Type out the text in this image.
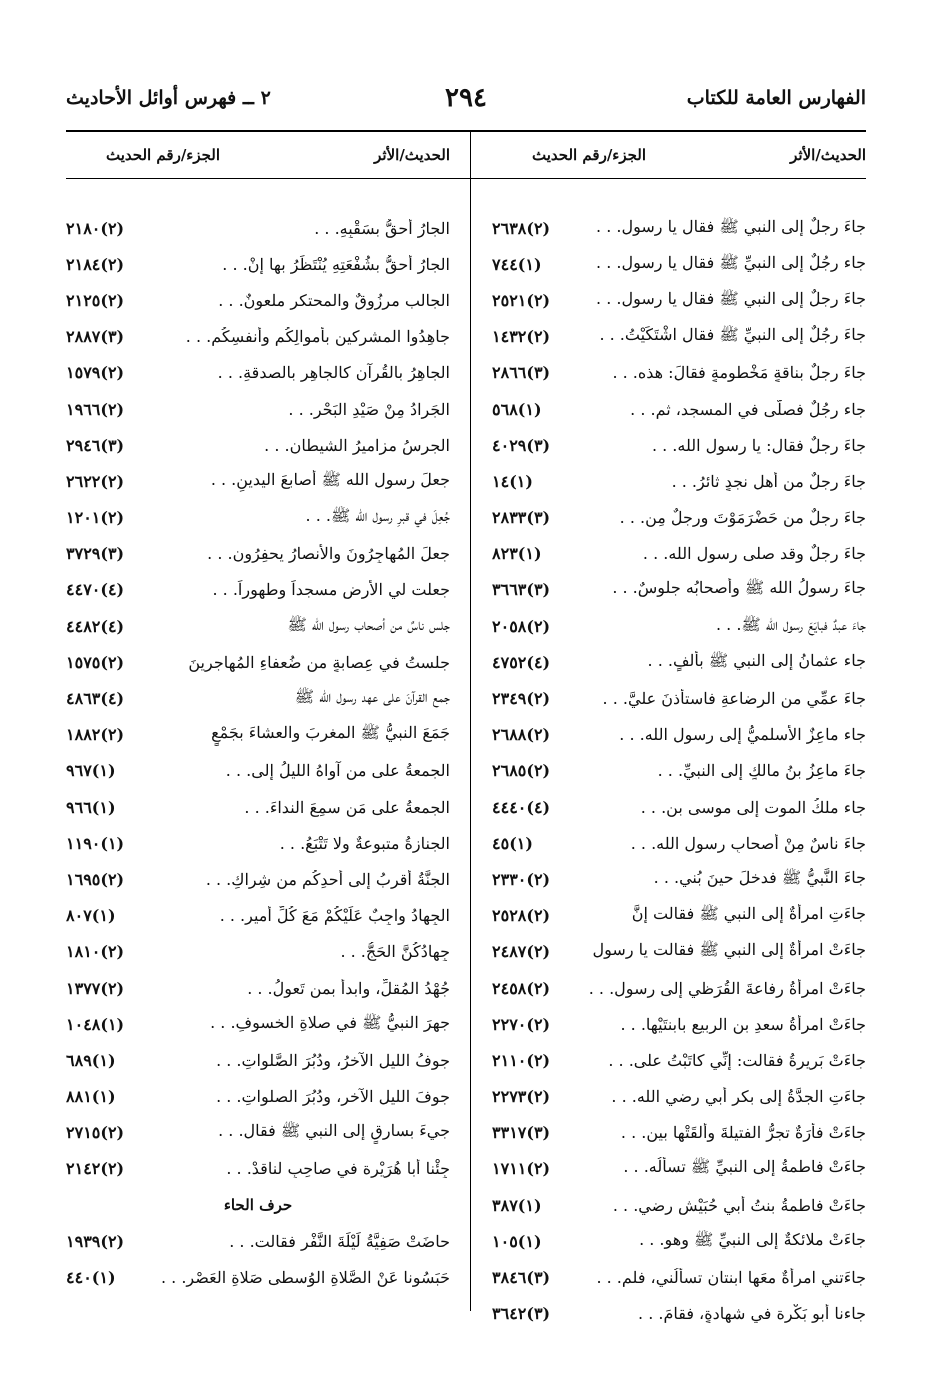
الفهارس العامة للكتاب
٢٩٤
٢ ــ فهرس أوائل الأحاديث
الحديث/الأثر
الجزء/رقم الحديث
الحديث/الأثر
الجزء/رقم الحديث
جاءَ رجلٌ إلى النبي ﷺ فقال يا رسول. . .
(٢)٢٦٣٨
جاء رجُلٌ إلى النبيِّ ﷺ فقال يا رسول. . .
(١)٧٤٤
جاءَ رجلٌ إلى النبي ﷺ فقال يا رسول. . .
(٢)٢٥٢١
جاءَ رجُلٌ إلى النبيِّ ﷺ فقال اشْتَكَيْتُ. . .
(٢)١٤٣٢
جاءَ رجلٌ بناقةٍ مَخْطومةٍ فقالَ: هذه. . .
(٣)٢٨٦٦
جاء رجُلٌ فصلَّى في المسجد، ثم. . .
(١)٥٦٨
جاءَ رجلٌ فقال: يا رسول الله. . .
(٣)٤٠٢٩
جاءَ رجلٌ من أهل نجدٍ ثائرُ. . .
(١)١٤
جاءَ رجلٌ من حَضْرَمَوْتَ ورجلٌ مِن. . .
(٣)٢٨٣٣
جاءَ رجلٌ وقد صلى رسول الله. . .
(١)٨٢٣
جاءَ رسولُ الله ﷺ وأصحابُه جلوسٌ. . .
(٣)٣٦٦٣
جاءَ عبدٌ فبايَعَ رسول الله ﷺ. . .
(٢)٢٠٥٨
جاء عثمانُ إلى النبي ﷺ بألفٍ. . .
(٤)٤٧٥٢
جاءَ عمِّي من الرضاعةِ فاستأذنَ عليَّ. . .
(٢)٢٣٤٩
جاء ماعِزٌ الأسلميُّ إلى رسول الله. . .
(٢)٢٦٨٨
جاءَ ماعِزُ بنُ مالكٍ إلى النبيِّ. . .
(٢)٢٦٨٥
جاء ملكُ الموت إلى موسى بن. . .
(٤)٤٤٤٠
جاءَ ناسٌ مِنْ أصحابِ رسولِ الله. . .
(١)٤٥
جاءَ النَّبيُّ ﷺ فدخلَ حينَ بُني. . .
(٢)٢٣٣٠
جاءَتِ امرأةٌ إلى النبي ﷺ فقالت إنَّ
(٢)٢٥٢٨
جاءَتْ امرأةٌ إلى النبي ﷺ فقالت يا رسول
(٢)٢٤٨٧
جاءَتْ امرأةُ رِفاعةَ القُرَظي إلى رسول. . .
(٢)٢٤٥٨
جاءَتْ امرأةُ سعدِ بن الربيع بابنتَيْها. . .
(٢)٢٢٧٠
جاءَتْ بَرِيرةُ فقالت: إنِّي كاتَبْتُ على. . .
(٢)٢١١٠
جاءَتِ الجدَّةُ إلى بكر أبي رضي الله. . .
(٢)٢٢٧٣
جاءَتْ فأرَةٌ تجرُّ الفتيلةَ وألقَتْها بين. . .
(٣)٣٣١٧
جاءَتْ فاطمةُ إلى النبيِّ ﷺ تسألُه. . .
(٢)١٧١١
جاءَتْ فاطمةُ بنتُ أبي حُبَيْش رضي. . .
(١)٣٨٧
جاءَتْ ملائكةٌ إلى النبيِّ ﷺ وهو. . .
(١)١٠٥
جاءَتني امرأةٌ معَها ابنتانِ تسألُني، فلم. . .
(٣)٣٨٤٦
جاءنا أبو بَكْرة في شهادةٍ، فقامَ. . .
(٣)٣٦٤٢
الجارُ أحقُّ بسَقْبِهِ. . .
(٢)٢١٨٠
الجارُ أحقُّ بشُفْعَتِهِ يُنْتَظَرُ بها إنْ. . .
(٢)٢١٨٤
الجالب مرزُوقٌ والمحتكر ملعونٌ. . .
(٢)٢١٢٥
جاهِدُوا المشركين بأموالِكُم وأنفسِكُم. . .
(٣)٢٨٨٧
الجاهِرُ بالقُرآنِ كالجاهِرِ بالصدقةِ. . .
(٢)١٥٧٩
الجَرادُ مِنْ صَيْدِ البَحْرِ. . .
(٢)١٩٦٦
الجرسُ مزاميرُ الشيطانِ. . .
(٣)٢٩٤٦
جعلَ رسول الله ﷺ أصابعَ اليدينِ. . .
(٢)٢٦٢٢
جُعِلَ في قبرِ رسول الله ﷺ. . .
(٢)١٢٠١
جعلَ المُهاجِرُونَ والأنصارُ يحفِرُون. . .
(٣)٣٧٢٩
جعلت لي الأرض مسجداً وطهوراً. . .
(٤)٤٤٧٠
جلس ناسٌ من أصحاب رسول الله ﷺ
(٤)٤٤٨٢
جلستُ في عِصابةٍ من ضُعفاءِ المُهاجرينَ
(٢)١٥٧٥
جمع القرآنَ على عهد رسول الله ﷺ
(٤)٤٨٦٣
جَمَعَ النبيُّ ﷺ المغربَ والعشاءَ بجَمْعٍ
(٢)١٨٨٢
الجمعةُ على من آواهُ الليلُ إلى. . .
(١)٩٦٧
الجمعةُ على مَن سمِعَ النداءَ. . .
(١)٩٦٦
الجنازةُ متبوعةٌ ولا تَتْبَعُ. . .
(١)١١٩٠
الجنَّةُ أقربُ إلى أحدِكُم من شِراكِ. . .
(٢)١٦٩٥
الجِهادُ واجِبٌ عَلَيْكُمْ مَعَ كُلِّ أميرٍ. . .
(١)٨٠٧
جِهادُكُنَّ الحَجُّ. . .
(٢)١٨١٠
جُهْدُ المُقلِّ، وابدأ بمن تَعولُ. . .
(٢)١٣٧٧
جهرَ النبيُّ ﷺ في صلاةِ الخسوفِ. . .
(١)١٠٤٨
جوفُ الليلِ الآخرُ، ودُبُرَ الصَّلواتِ. . .
(١)٦٨٩
جوفَ الليلِ الآخرِ، ودُبُرَ الصلواتِ. . .
(١)٨٨١
جيءَ بسارقٍ إلى النبي ﷺ فقال. . .
(٢)٢٧١٥
جِئْنا أبا هُرَيْرة في صاحِبٍ لناقدْ. . .
(٢)٢١٤٢
حرف الحاء
حاضَتْ صَفِيَّةُ لَيْلَةَ النَّفْرِ فقالت. . .
(٢)١٩٣٩
حَبَسُونا عَنْ الصَّلاةِ الوُسطى صَلاةِ العَصْرِ. . .
(١)٤٤٠
